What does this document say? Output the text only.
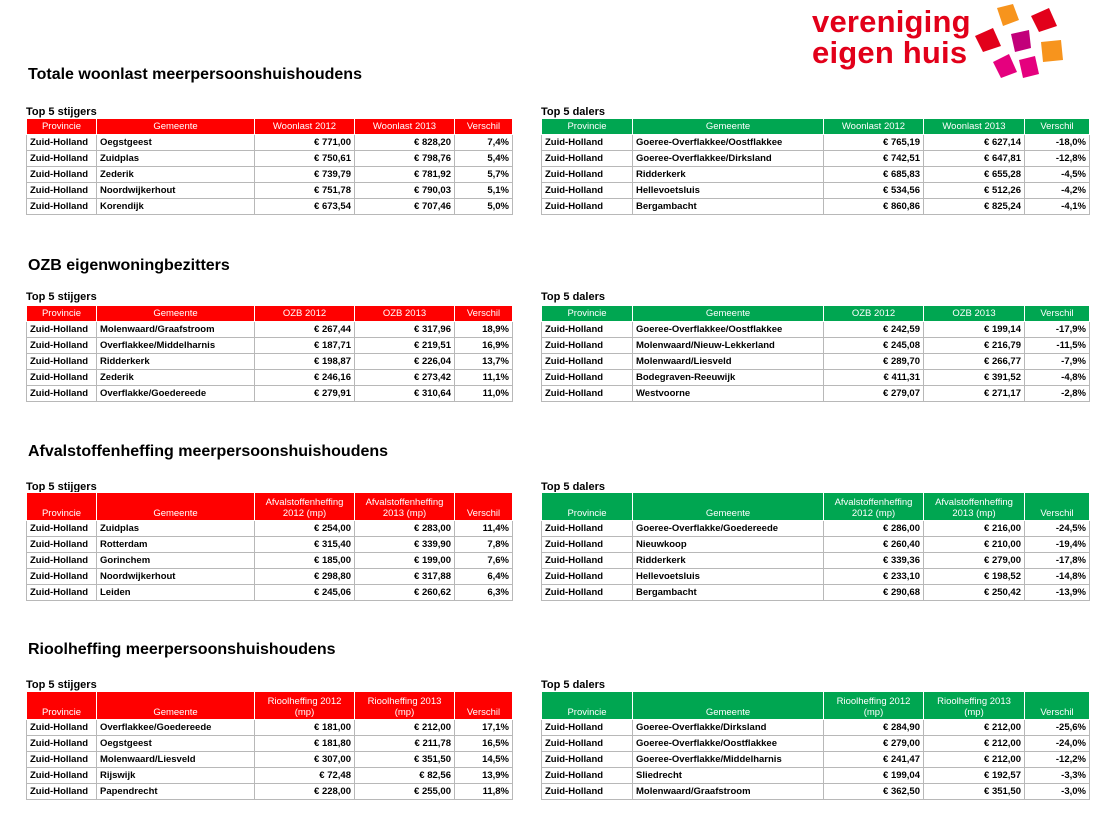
vereniging
eigen huis
Totale woonlast meerpersoonshuishoudens
Top 5 stijgers
Provincie	Gemeente	Woonlast 2012	Woonlast 2013	Verschil
Zuid-Holland	Oegstgeest	€ 771,00	€ 828,20	7,4%
Zuid-Holland	Zuidplas	€ 750,61	€ 798,76	5,4%
Zuid-Holland	Zederik	€ 739,79	€ 781,92	5,7%
Zuid-Holland	Noordwijkerhout	€ 751,78	€ 790,03	5,1%
Zuid-Holland	Korendijk	€ 673,54	€ 707,46	5,0%
Top 5 dalers
Provincie	Gemeente	Woonlast 2012	Woonlast 2013	Verschil
Zuid-Holland	Goeree-Overflakkee/Oostflakkee	€ 765,19	€ 627,14	-18,0%
Zuid-Holland	Goeree-Overflakkee/Dirksland	€ 742,51	€ 647,81	-12,8%
Zuid-Holland	Ridderkerk	€ 685,83	€ 655,28	-4,5%
Zuid-Holland	Hellevoetsluis	€ 534,56	€ 512,26	-4,2%
Zuid-Holland	Bergambacht	€ 860,86	€ 825,24	-4,1%
OZB eigenwoningbezitters
Top 5 stijgers
Provincie	Gemeente	OZB 2012	OZB 2013	Verschil
Zuid-Holland	Molenwaard/Graafstroom	€ 267,44	€ 317,96	18,9%
Zuid-Holland	Overflakkee/Middelharnis	€ 187,71	€ 219,51	16,9%
Zuid-Holland	Ridderkerk	€ 198,87	€ 226,04	13,7%
Zuid-Holland	Zederik	€ 246,16	€ 273,42	11,1%
Zuid-Holland	Overflakke/Goedereede	€ 279,91	€ 310,64	11,0%
Top 5 dalers
Provincie	Gemeente	OZB 2012	OZB 2013	Verschil
Zuid-Holland	Goeree-Overflakkee/Oostflakkee	€ 242,59	€ 199,14	-17,9%
Zuid-Holland	Molenwaard/Nieuw-Lekkerland	€ 245,08	€ 216,79	-11,5%
Zuid-Holland	Molenwaard/Liesveld	€ 289,70	€ 266,77	-7,9%
Zuid-Holland	Bodegraven-Reeuwijk	€ 411,31	€ 391,52	-4,8%
Zuid-Holland	Westvoorne	€ 279,07	€ 271,17	-2,8%
Afvalstoffenheffing meerpersoonshuishoudens
Top 5 stijgers
Provincie	Gemeente	Afvalstoffenheffing 2012 (mp)	Afvalstoffenheffing 2013 (mp)	Verschil
Zuid-Holland	Zuidplas	€ 254,00	€ 283,00	11,4%
Zuid-Holland	Rotterdam	€ 315,40	€ 339,90	7,8%
Zuid-Holland	Gorinchem	€ 185,00	€ 199,00	7,6%
Zuid-Holland	Noordwijkerhout	€ 298,80	€ 317,88	6,4%
Zuid-Holland	Leiden	€ 245,06	€ 260,62	6,3%
Top 5 dalers
Provincie	Gemeente	Afvalstoffenheffing 2012 (mp)	Afvalstoffenheffing 2013 (mp)	Verschil
Zuid-Holland	Goeree-Overflakke/Goedereede	€ 286,00	€ 216,00	-24,5%
Zuid-Holland	Nieuwkoop	€ 260,40	€ 210,00	-19,4%
Zuid-Holland	Ridderkerk	€ 339,36	€ 279,00	-17,8%
Zuid-Holland	Hellevoetsluis	€ 233,10	€ 198,52	-14,8%
Zuid-Holland	Bergambacht	€ 290,68	€ 250,42	-13,9%
Rioolheffing meerpersoonshuishoudens
Top 5 stijgers
Provincie	Gemeente	Rioolheffing 2012 (mp)	Rioolheffing 2013 (mp)	Verschil
Zuid-Holland	Overflakkee/Goedereede	€ 181,00	€ 212,00	17,1%
Zuid-Holland	Oegstgeest	€ 181,80	€ 211,78	16,5%
Zuid-Holland	Molenwaard/Liesveld	€ 307,00	€ 351,50	14,5%
Zuid-Holland	Rijswijk	€ 72,48	€ 82,56	13,9%
Zuid-Holland	Papendrecht	€ 228,00	€ 255,00	11,8%
Top 5 dalers
Provincie	Gemeente	Rioolheffing 2012 (mp)	Rioolheffing 2013 (mp)	Verschil
Zuid-Holland	Goeree-Overflakke/Dirksland	€ 284,90	€ 212,00	-25,6%
Zuid-Holland	Goeree-Overflakke/Oostflakkee	€ 279,00	€ 212,00	-24,0%
Zuid-Holland	Goeree-Overflakke/Middelharnis	€ 241,47	€ 212,00	-12,2%
Zuid-Holland	Sliedrecht	€ 199,04	€ 192,57	-3,3%
Zuid-Holland	Molenwaard/Graafstroom	€ 362,50	€ 351,50	-3,0%
